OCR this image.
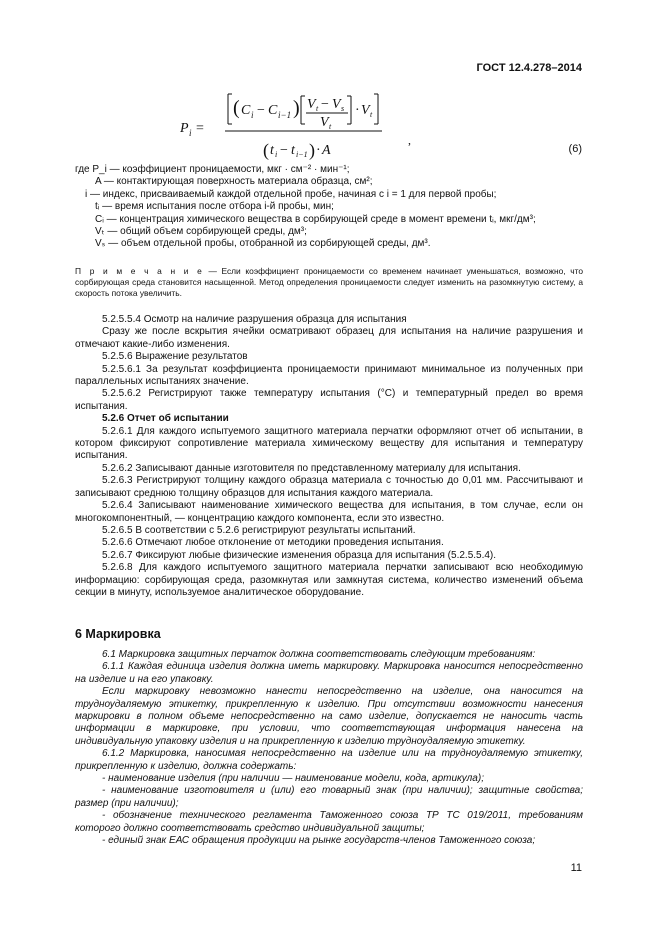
ГОСТ 12.4.278–2014
P i =
( C i − C i−1 ) V t − V s
V t
· V t
( t i − t i−1 ) · A
,
(6)

где P_i — коэффициент проницаемости, мкг · см⁻² · мин⁻¹;

A — контактирующая поверхность материала образца, см²;

i — индекс, присваиваемый каждой отдельной пробе, начиная с i = 1 для первой пробы;

tᵢ — время испытания после отбора i-й пробы, мин;

Cᵢ — концентрация химического вещества в сорбирующей среде в момент времени tᵢ, мкг/дм³;

Vₜ — общий объем сорбирующей среды, дм³;

Vₛ — объем отдельной пробы, отобранной из сорбирующей среды, дм³.

П р и м е ч а н и е — Если коэффициент проницаемости со временем начинает уменьшаться, возможно, что сорбирующая среда становится насыщенной. Метод определения проницаемости следует изменить на разомкнутую систему, а скорость потока увеличить.

5.2.5.5.4 Осмотр на наличие разрушения образца для испытания

Сразу же после вскрытия ячейки осматривают образец для испытания на наличие разрушения и отмечают какие-либо изменения.

5.2.5.6 Выражение результатов

5.2.5.6.1 За результат коэффициента проницаемости принимают минимальное из полученных при параллельных испытаниях значение.

5.2.5.6.2 Регистрируют также температуру испытания (°С) и температурный предел во время испытания.

5.2.6 Отчет об испытании

5.2.6.1 Для каждого испытуемого защитного материала перчатки оформляют отчет об испытании, в котором фиксируют сопротивление материала химическому веществу для испытания и температуру испытания.

5.2.6.2 Записывают данные изготовителя по представленному материалу для испытания.

5.2.6.3 Регистрируют толщину каждого образца материала с точностью до 0,01 мм. Рассчитывают и записывают среднюю толщину образцов для испытания каждого материала.

5.2.6.4 Записывают наименование химического вещества для испытания, в том случае, если он многокомпонентный, — концентрацию каждого компонента, если это известно.

5.2.6.5 В соответствии с 5.2.6 регистрируют результаты испытаний.

5.2.6.6 Отмечают любое отклонение от методики проведения испытания.

5.2.6.7 Фиксируют любые физические изменения образца для испытания (5.2.5.5.4).

5.2.6.8 Для каждого испытуемого защитного материала перчатки записывают всю необходимую информацию: сорбирующая среда, разомкнутая или замкнутая система, количество изменений объема секции в минуту, используемое аналитическое оборудование.

6 Маркировка

6.1 Маркировка защитных перчаток должна соответствовать следующим требованиям:

6.1.1 Каждая единица изделия должна иметь маркировку. Маркировка наносится непосредственно на изделие и на его упаковку.

Если маркировку невозможно нанести непосредственно на изделие, она наносится на трудноудаляемую этикетку, прикрепленную к изделию. При отсутствии возможности нанесения маркировки в полном объеме непосредственно на само изделие, допускается не наносить часть информации в маркировке, при условии, что соответствующая информация нанесена на индивидуальную упаковку изделия и на прикрепленную к изделию трудноудаляемую этикетку.

6.1.2 Маркировка, наносимая непосредственно на изделие или на трудноудаляемую этикетку, прикрепленную к изделию, должна содержать:

- наименование изделия (при наличии — наименование модели, кода, артикула);

- наименование изготовителя и (или) его товарный знак (при наличии); защитные свойства; размер (при наличии);

- обозначение технического регламента Таможенного союза ТР ТС 019/2011, требованиям которого должно соответствовать средство индивидуальной защиты;

- единый знак ЕАС обращения продукции на рынке государств-членов Таможенного союза;

11
